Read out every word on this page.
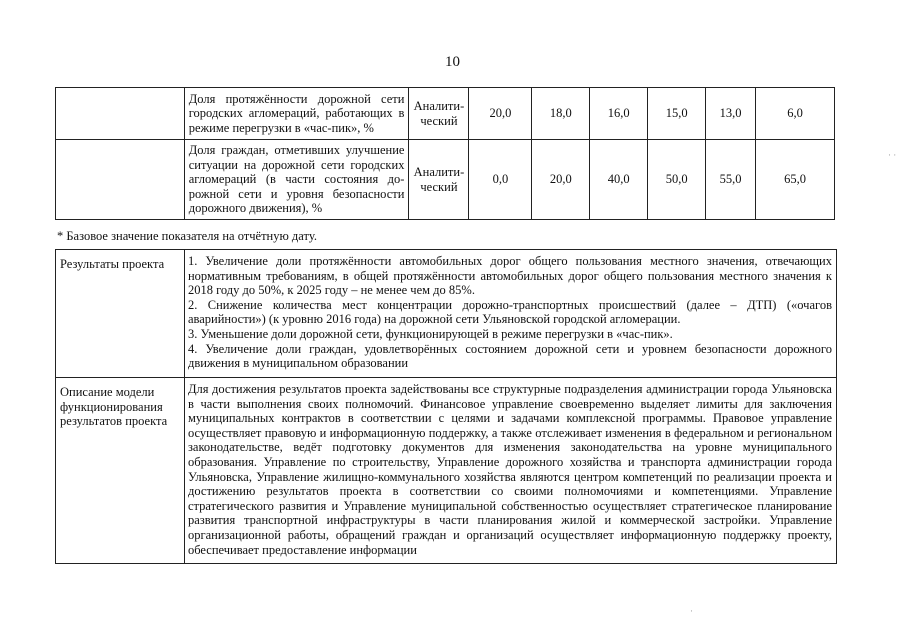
10
	Доля протяжённости дорожной сети городских агломераций, работающих в режиме перегрузки в «час-пик», %	Аналити-ческий	20,0	18,0	16,0	15,0	13,0	6,0
	Доля граждан, отметивших улучшение ситуации на дорожной сети городских агломераций (в части состояния до-рожной сети и уровня безопасности дорожного движения), %	Аналити-ческий	0,0	20,0	40,0	50,0	55,0	65,0
* Базовое значение показателя на отчётную дату.
Результаты проекта	1. Увеличение доли протяжённости автомобильных дорог общего пользования местного значения, отвечающих нормативным требованиям, в общей протяжённости автомобильных дорог общего пользования местного значения к 2018 году до 50%, к 2025 году – не менее чем до 85%.

2. Снижение количества мест концентрации дорожно-транспортных происшествий (далее – ДТП) («очагов аварийности») (к уровню 2016 года) на дорожной сети Ульяновской городской агломерации.

3. Уменьшение доли дорожной сети, функционирующей в режиме перегрузки в «час-пик».

4. Увеличение доли граждан, удовлетворённых состоянием дорожной сети и уровнем безопасности дорожного движения в муниципальном образовании

Описание модели функционирования результатов проекта	Для достижения результатов проекта задействованы все структурные подразделения администрации города Ульяновска в части выполнения своих полномочий. Финансовое управление своевременно выделяет лимиты для заключения муниципальных контрактов в соответствии с целями и задачами комплексной программы. Правовое управление осуществляет правовую и информационную поддержку, а также отслеживает изменения в федеральном и региональном законодательстве, ведёт подготовку документов для изменения законодательства на уровне муниципального образования. Управление по строительству, Управление дорожного хозяйства и транспорта администрации города Ульяновска, Управление жилищно-коммунального хозяйства являются центром компетенций по реализации проекта и достижению результатов проекта в соответствии со своими полномочиями и компетенциями. Управление стратегического развития и Управление муниципальной собственностью осуществляет стратегическое планирование развития транспортной инфраструктуры в части планирования жилой и коммерческой застройки. Управление организационной работы, обращений граждан и организаций осуществляет информационную поддержку проекту, обеспечивает предоставление информации

· ·
·
